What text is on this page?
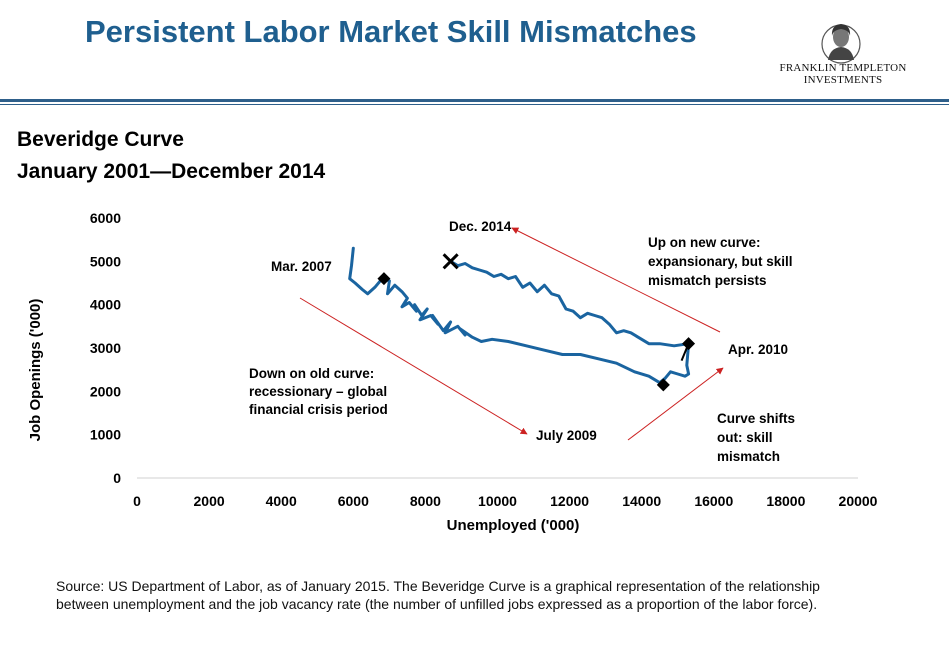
Persistent Labor Market Skill Mismatches
FRANKLIN TEMPLETON
INVESTMENTS
Beveridge Curve
January 2001—December 2014
0
1000
2000
3000
4000
5000
6000
0	2000	4000	6000	8000	10000 12000 14000 16000 18000 20000
Unemployed ('000)
Job Openings ('000)
Mar. 2007
Dec. 2014
Apr. 2010
July 2009
Down on old curve:
recessionary – global
financial crisis period
Up on new curve:
expansionary, but skill
mismatch persists
Curve shifts
out: skill
mismatch

Source: US Department of Labor, as of January 2015. The Beveridge Curve is a graphical representation of the relationship between unemployment and the job vacancy rate (the number of unfilled jobs expressed as a proportion of the labor force).
